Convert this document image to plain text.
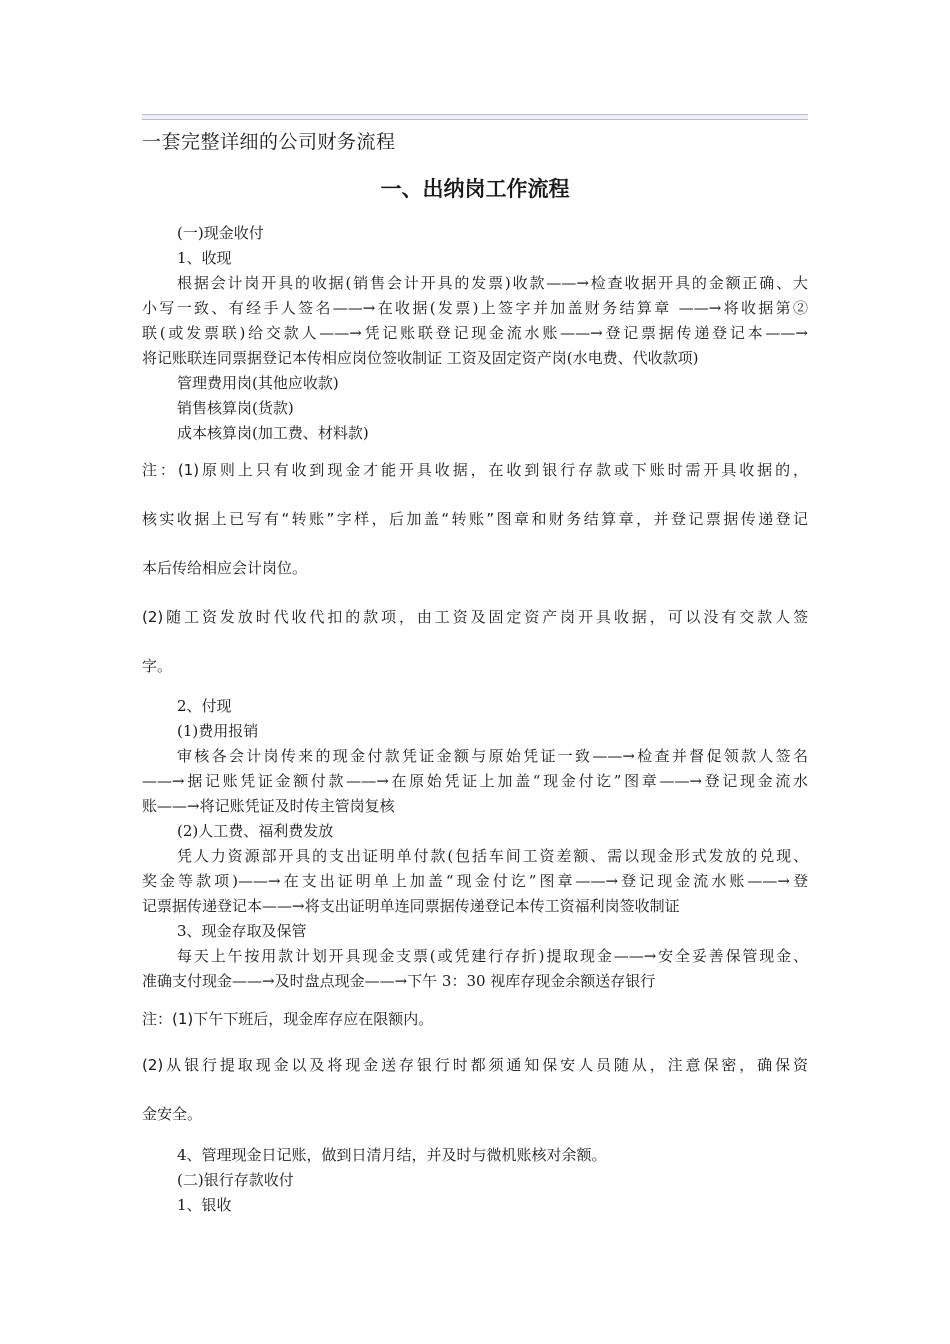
一套完整详细的公司财务流程
一、出纳岗工作流程
(一)现金收付
1、收现
根据会计岗开具的收据(销售会计开具的发票)收款——→检查收据开具的金额正确、大
小写一致、有经手人签名——→在收据(发票)上签字并加盖财务结算章 ——→将收据第②
联(或发票联)给交款人——→凭记账联登记现金流水账——→登记票据传递登记本——→
将记账联连同票据登记本传相应岗位签收制证 工资及固定资产岗(水电费、代收款项)
管理费用岗(其他应收款)
销售核算岗(货款)
成本核算岗(加工费、材料款)
注：(1)原则上只有收到现金才能开具收据，在收到银行存款或下账时需开具收据的，
核实收据上已写有“转账”字样，后加盖“转账”图章和财务结算章，并登记票据传递登记
本后传给相应会计岗位。
(2)随工资发放时代收代扣的款项，由工资及固定资产岗开具收据，可以没有交款人签
字。
2、付现
(1)费用报销
审核各会计岗传来的现金付款凭证金额与原始凭证一致——→检查并督促领款人签名
——→据记账凭证金额付款——→在原始凭证上加盖“现金付讫”图章——→登记现金流水
账——→将记账凭证及时传主管岗复核
(2)人工费、福利费发放
凭人力资源部开具的支出证明单付款(包括车间工资差额、需以现金形式发放的兑现、
奖金等款项)——→在支出证明单上加盖“现金付讫”图章——→登记现金流水账——→登
记票据传递登记本——→将支出证明单连同票据传递登记本传工资福利岗签收制证
3、现金存取及保管
每天上午按用款计划开具现金支票(或凭建行存折)提取现金——→安全妥善保管现金、
准确支付现金——→及时盘点现金——→下午 3：30 视库存现金余额送存银行
注：(1)下午下班后，现金库存应在限额内。
(2)从银行提取现金以及将现金送存银行时都须通知保安人员随从，注意保密，确保资
金安全。
4、管理现金日记账，做到日清月结，并及时与微机账核对余额。
(二)银行存款收付
1、银收
